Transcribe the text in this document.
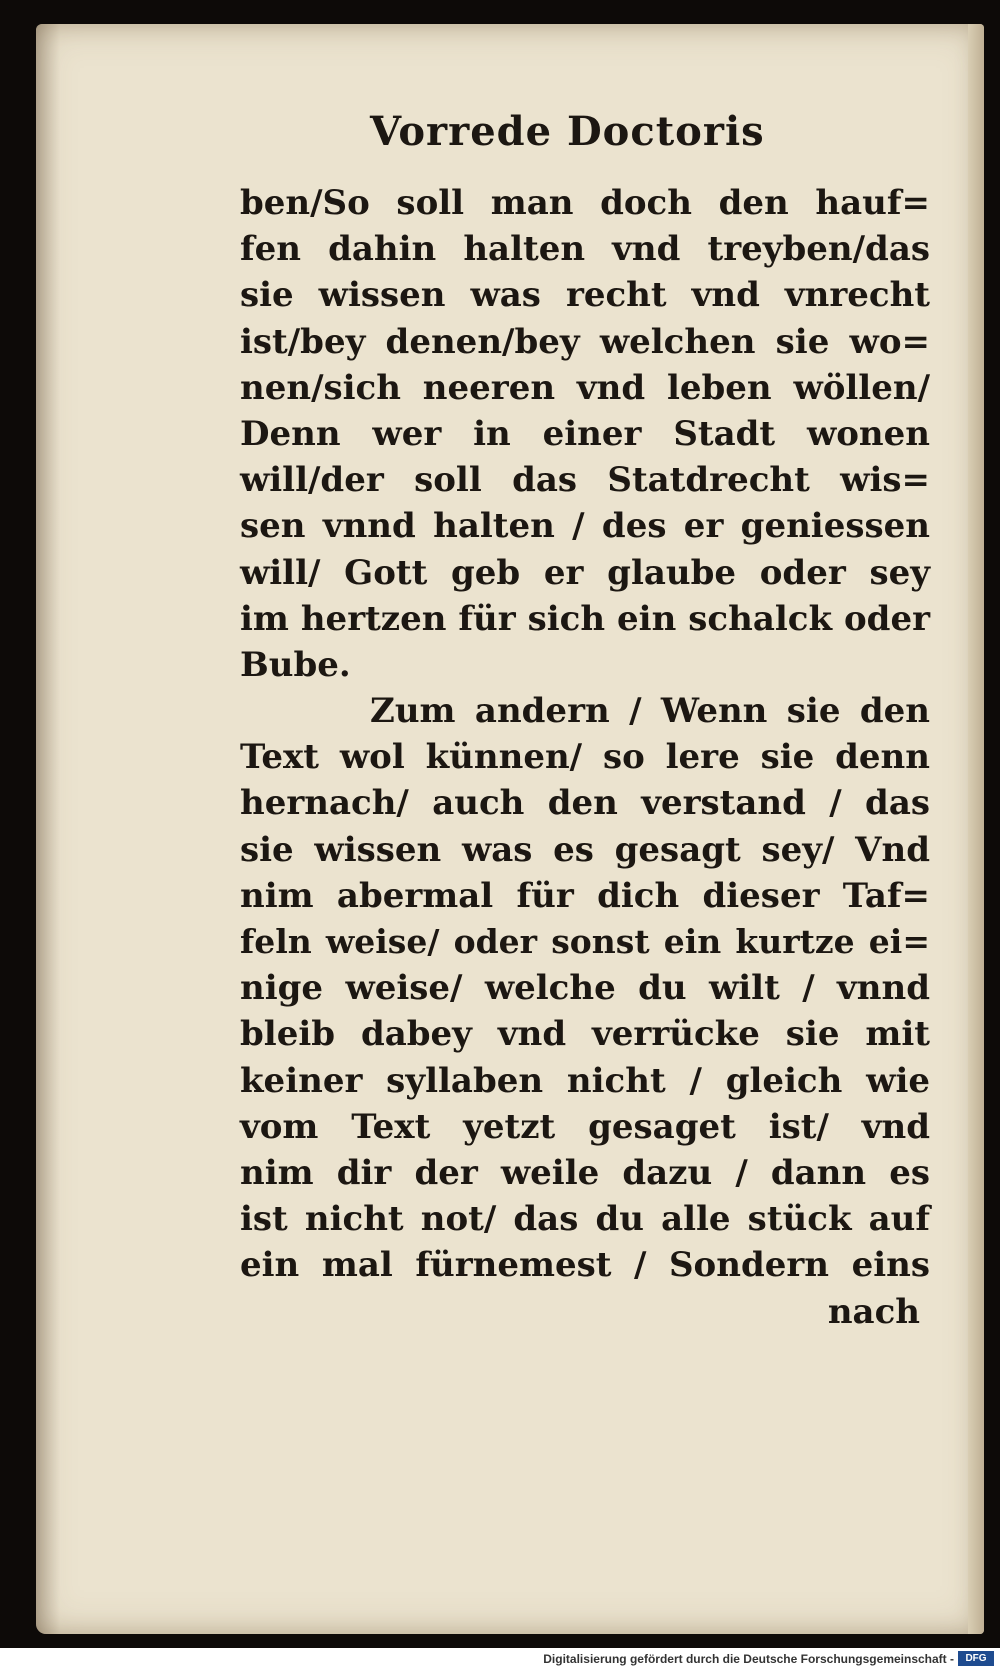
Vorrede Doctoris
ben/So soll man doch den hauf=
fen dahin halten vnd treyben/das
sie wissen was recht vnd vnrecht
ist/bey denen/bey welchen sie wo=
nen/sich neeren vnd leben wöllen/
Denn wer in einer Stadt wonen
will/der soll das Statdrecht wis=
sen vnnd halten / des er geniessen
will/ Gott geb er glaube oder sey
im hertzen für sich ein schalck oder
Bube.
Zum andern / Wenn sie den
Text wol künnen/ so lere sie denn
hernach/ auch den verstand / das
sie wissen was es gesagt sey/ Vnd
nim abermal für dich dieser Taf=
feln weise/ oder sonst ein kurtze ei=
nige weise/ welche du wilt / vnnd
bleib dabey vnd verrücke sie mit
keiner syllaben nicht / gleich wie
vom Text yetzt gesaget ist/ vnd
nim dir der weile dazu / dann es
ist nicht not/ das du alle stück auf
ein mal fürnemest / Sondern eins
nach
Digitalisierung gefördert durch die Deutsche Forschungsgemeinschaft -	DFG
